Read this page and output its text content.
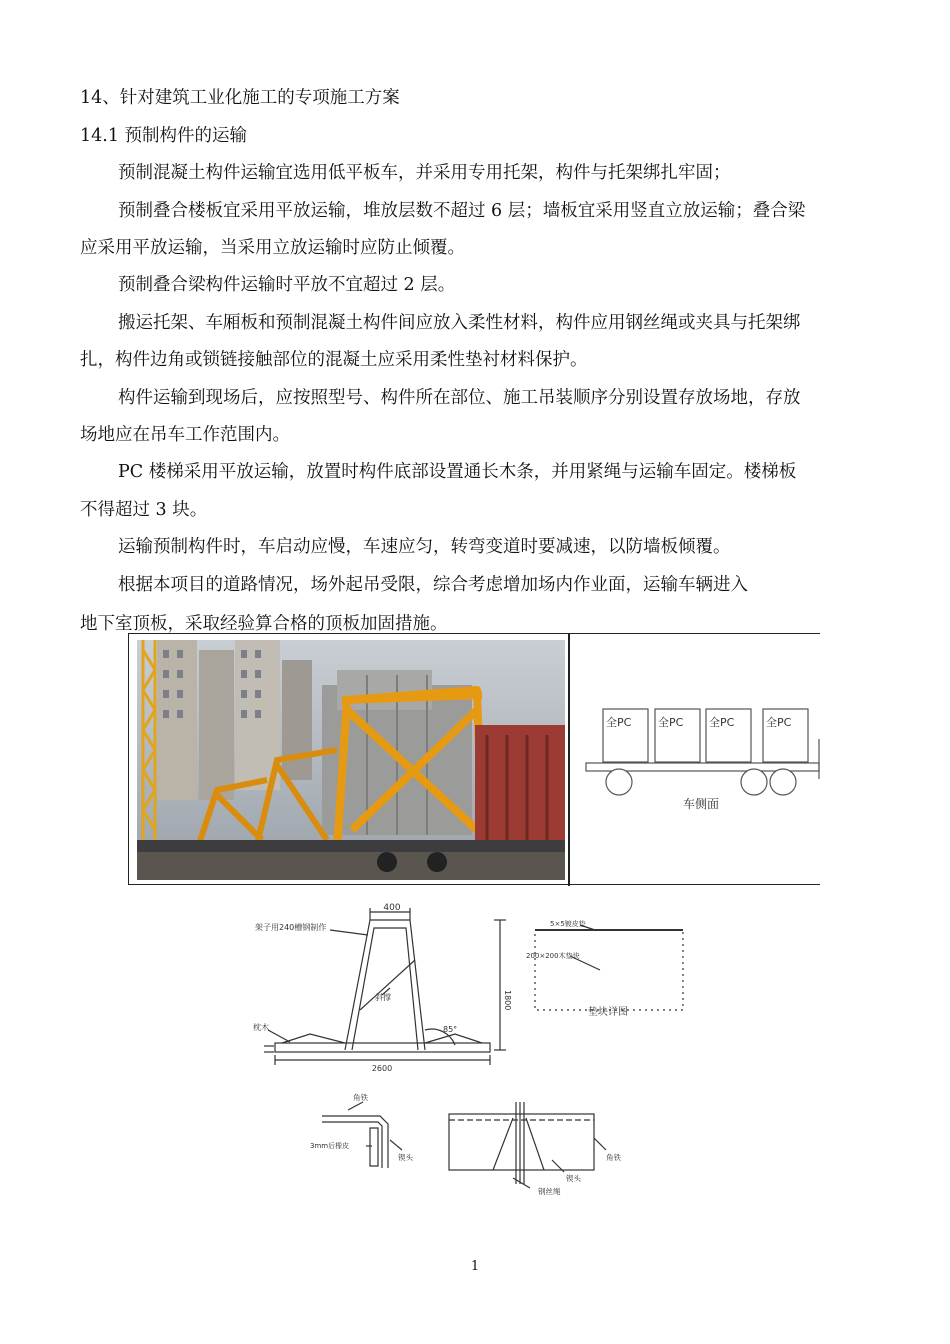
14、针对建筑工业化施工的专项施工方案
14.1 预制构件的运输
预制混凝土构件运输宜选用低平板车，并采用专用托架，构件与托架绑扎牢固；
预制叠合楼板宜采用平放运输，堆放层数不超过 6 层；墙板宜采用竖直立放运输；叠合梁
应采用平放运输，当采用立放运输时应防止倾覆。
预制叠合梁构件运输时平放不宜超过 2 层。
搬运托架、车厢板和预制混凝土构件间应放入柔性材料，构件应用钢丝绳或夹具与托架绑
扎，构件边角或锁链接触部位的混凝土应采用柔性垫衬材料保护。
构件运输到现场后，应按照型号、构件所在部位、施工吊装顺序分别设置存放场地，存放
场地应在吊车工作范围内。
PC 楼梯采用平放运输，放置时构件底部设置通长木条，并用紧绳与运输车固定。楼梯板
不得超过 3 块。
运输预制构件时，车启动应慢，车速应匀，转弯变道时要减速，以防墙板倾覆。
根据本项目的道路情况，场外起吊受限，综合考虑增加场内作业面，运输车辆进入
地下室顶板，采取经验算合格的顶板加固措施。
全PC 全PC 全PC	全PC
车侧面
400
架子用240槽钢制作
斜撑	1800
85°
枕木
2600
5×5镀皮垫
200×200木垫块
垫块详图
角铁
3mm后橡皮
锲头	角铁
锲头
钢丝绳
1
